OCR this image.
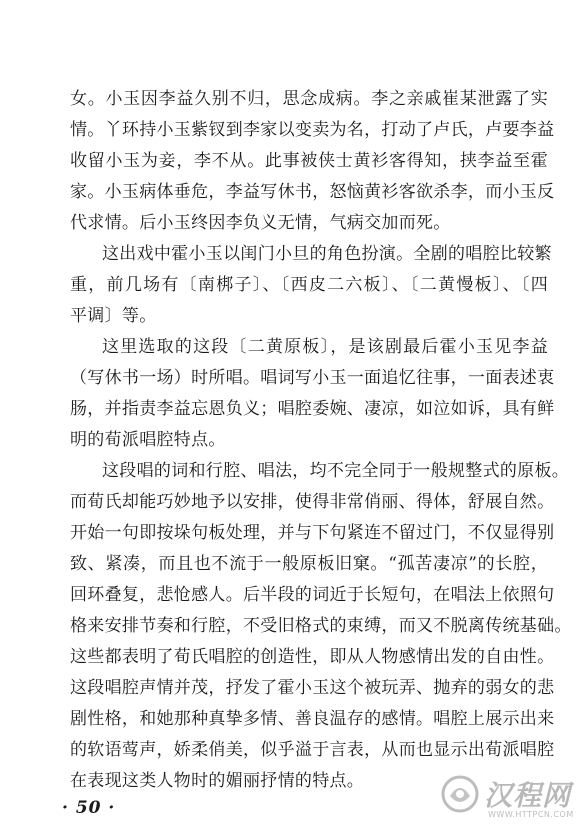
女。小玉因李益久别不归，思念成病。李之亲戚崔某泄露了实
情。丫环持小玉紫钗到李家以变卖为名，打动了卢氏，卢要李益
收留小玉为妾，李不从。此事被侠士黄衫客得知，挟李益至霍
家。小玉病体垂危，李益写休书，怒恼黄衫客欲杀李，而小玉反
代求情。后小玉终因李负义无情，气病交加而死。
这出戏中霍小玉以闺门小旦的角色扮演。全剧的唱腔比较繁
重，前几场有〔南梆子〕、〔西皮二六板〕、〔二黄慢板〕、〔四
平调〕等。
这里选取的这段〔二黄原板〕，是该剧最后霍小玉见李益
（写休书一场）时所唱。唱词写小玉一面追忆往事，一面表述衷
肠，并指责李益忘恩负义；唱腔委婉、凄凉，如泣如诉，具有鲜
明的荀派唱腔特点。
这段唱的词和行腔、唱法，均不完全同于一般规整式的原板。
而荀氏却能巧妙地予以安排，使得非常俏丽、得体，舒展自然。
开始一句即按垛句板处理，并与下句紧连不留过门，不仅显得别
致、紧凑，而且也不流于一般原板旧窠。“孤苦凄凉”的长腔，
回环叠复，悲怆感人。后半段的词近于长短句，在唱法上依照句
格来安排节奏和行腔，不受旧格式的束缚，而又不脱离传统基础。
这些都表明了荀氏唱腔的创造性，即从人物感情出发的自由性。
这段唱腔声情并茂，抒发了霍小玉这个被玩弄、抛弃的弱女的悲
剧性格，和她那种真挚多情、善良温存的感情。唱腔上展示出来
的软语莺声，娇柔俏美，似乎溢于言表，从而也显示出荀派唱腔
在表现这类人物时的媚丽抒情的特点。
· 50 ·	汉程网
WWW.HTTPCN.COM
